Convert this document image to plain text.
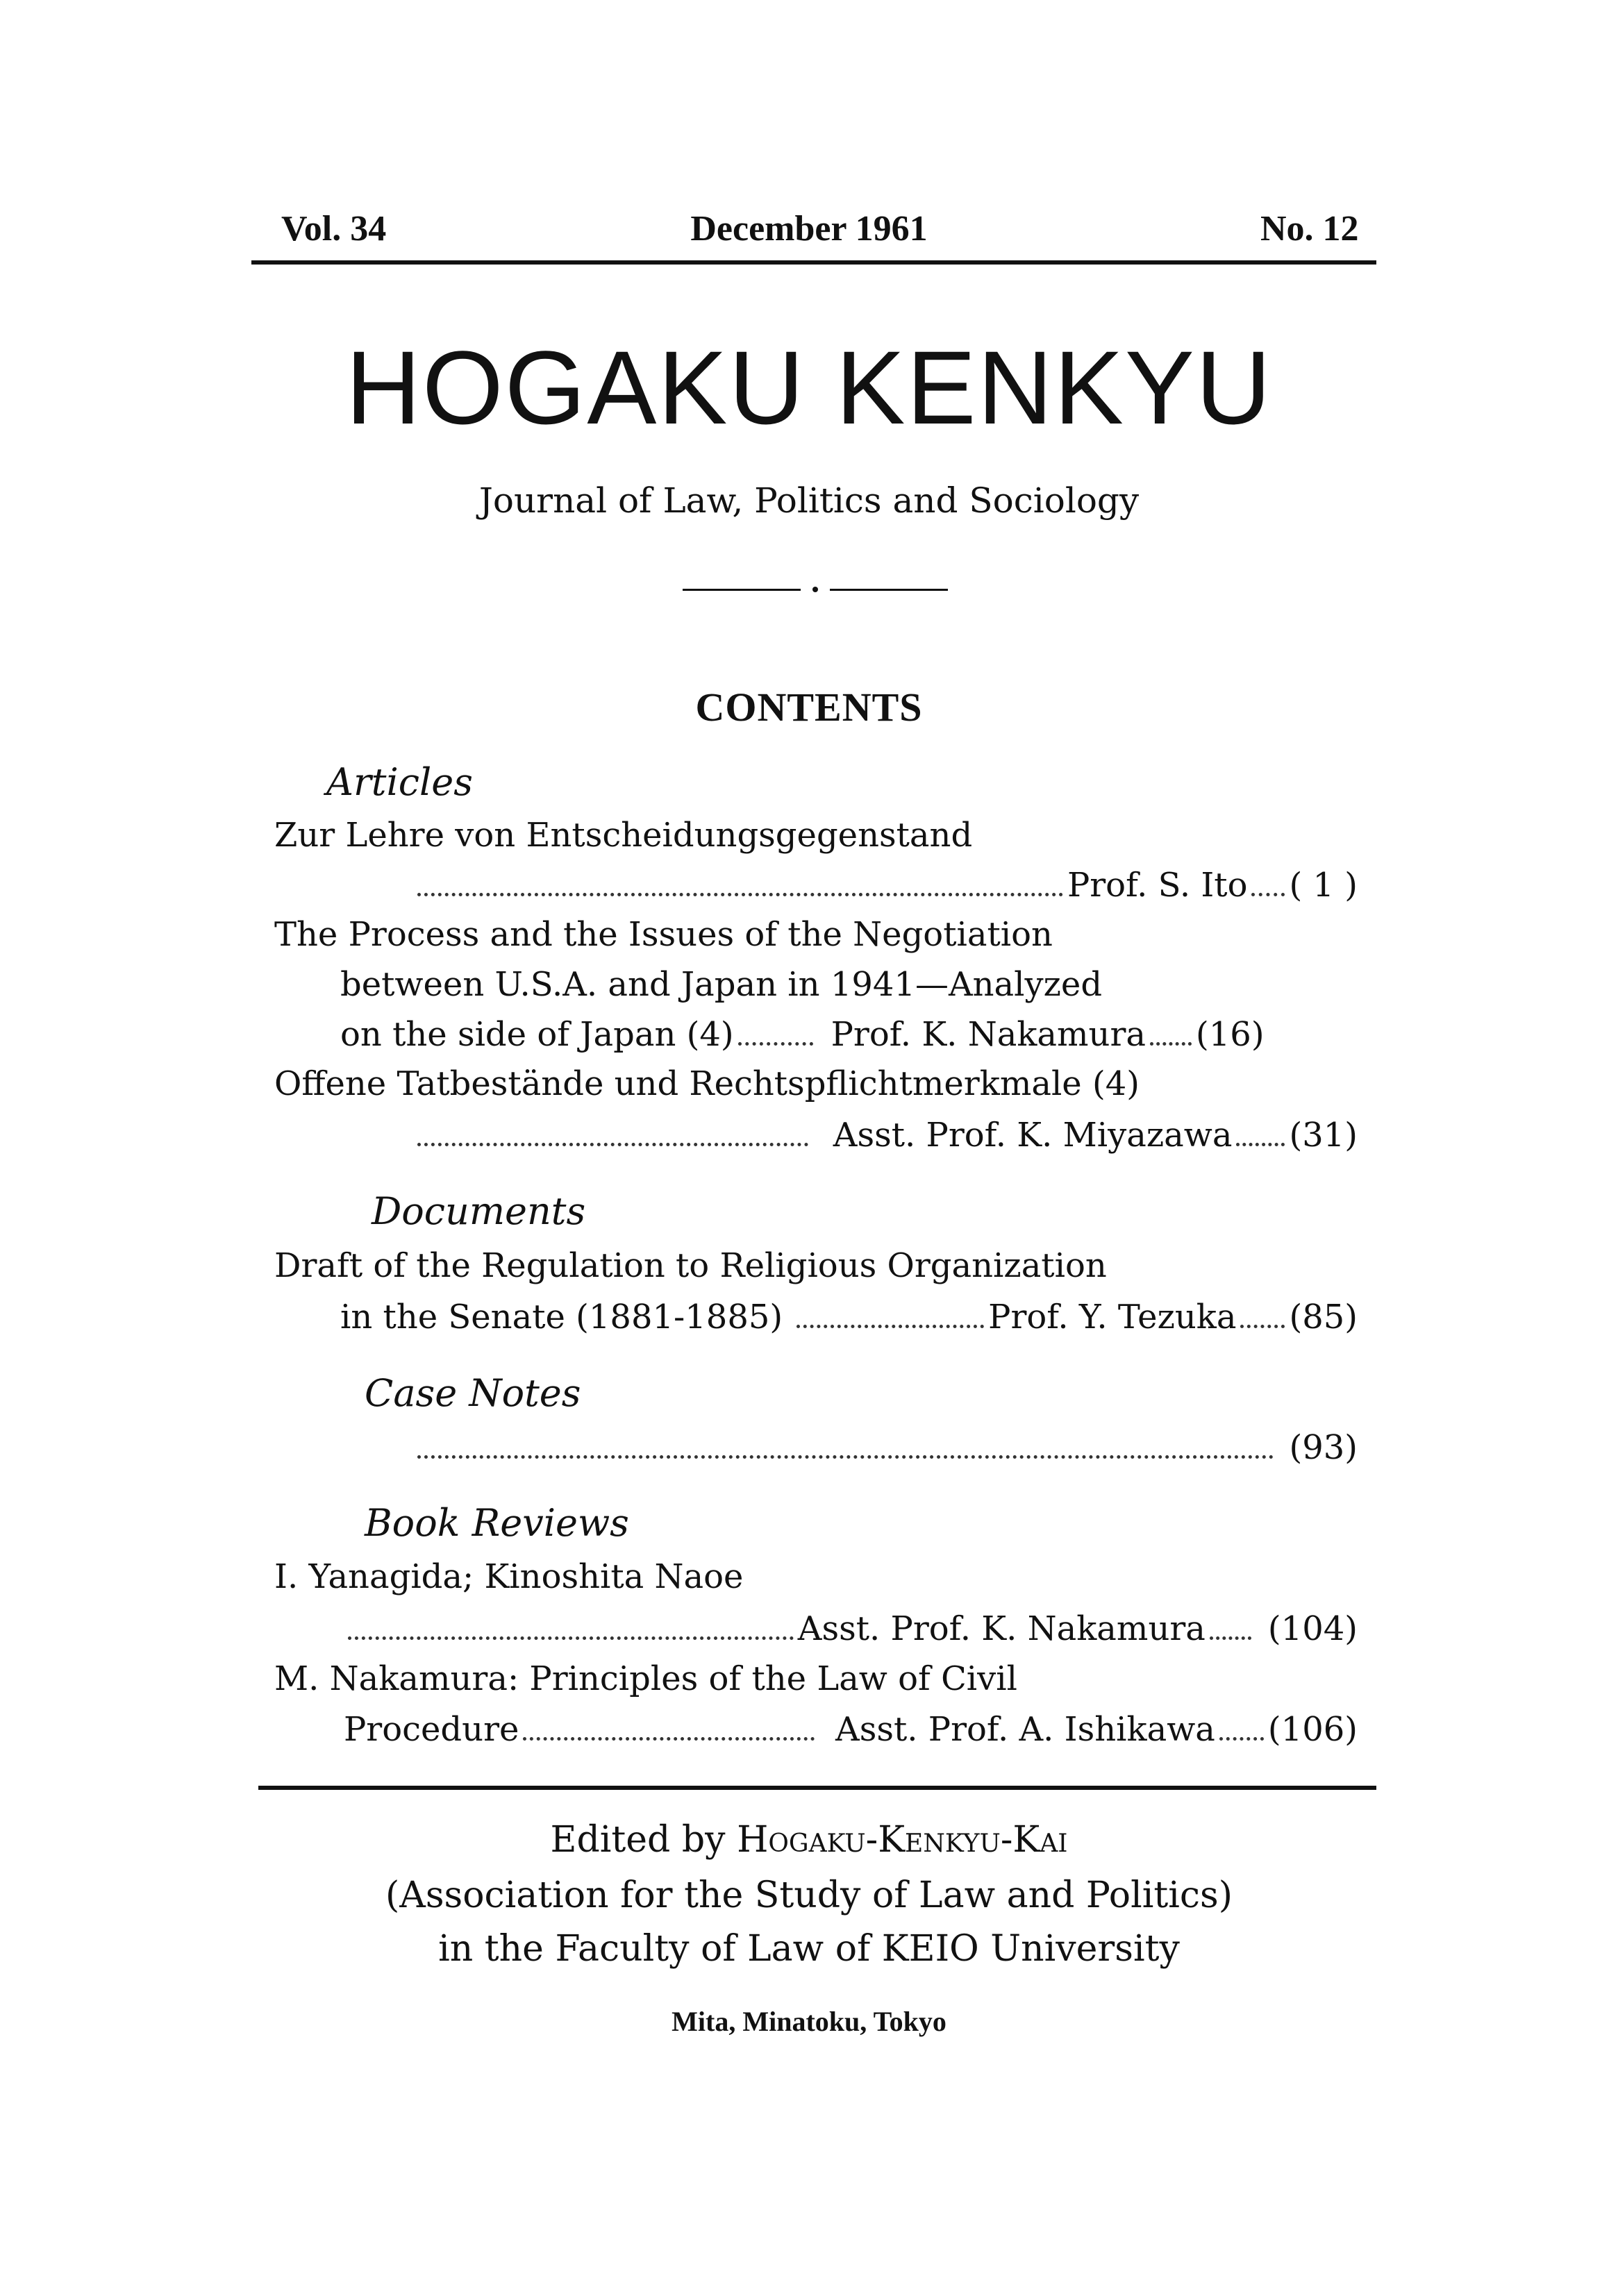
Vol. 34	December 1961	No. 12
HOGAKU KENKYU
Journal of Law, Politics and Sociology
CONTENTS
Articles
Zur Lehre von Entscheidungsgegenstand
Prof. S. Ito ( 1 )
The Process and the Issues of the Negotiation
between U.S.A. and Japan in 1941—Analyzed
on the side of Japan (4)	Prof. K. Nakamura (16)
Offene Tatbestände und Rechtspflichtmerkmale (4)
Asst. Prof. K. Miyazawa (31)
Documents
Draft of the Regulation to Religious Organization
in the Senate (1881-1885)	Prof. Y. Tezuka (85)
Case Notes
(93)
Book Reviews
I. Yanagida; Kinoshita Naoe
Asst. Prof. K. Nakamura (104)
M. Nakamura: Principles of the Law of Civil
Procedure	Asst. Prof. A. Ishikawa (106)
Edited by Hogaku-Kenkyu-Kai
(Association for the Study of Law and Politics)
in the Faculty of Law of KEIO University
Mita, Minatoku, Tokyo
